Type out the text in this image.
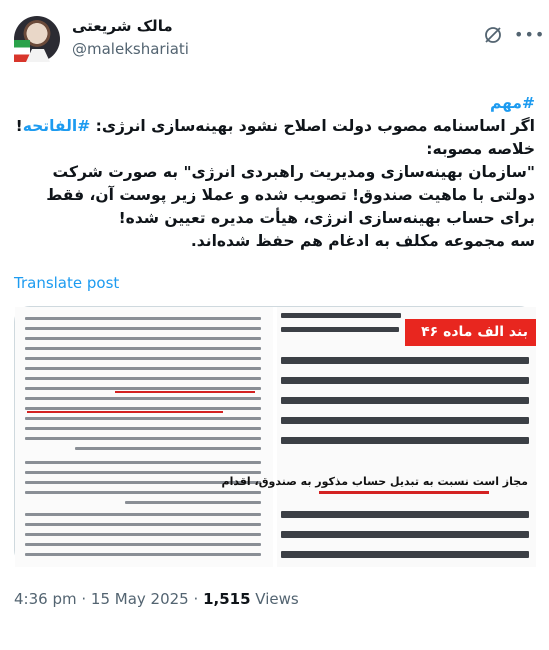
مالک شریعتی
@malekshariati
•••

#مهم

اگر اساسنامه مصوب دولت اصلاح نشود بهینه‌سازی انرژی: #الفاتحه!

خلاصه مصوبه:

"سازمان بهینه‌سازی ومدیریت راهبردی انرژی" به صورت شرکت دولتی با ماهیت صندوق! تصویب شده و عملا زیر پوست آن، فقط برای حساب بهینه‌سازی انرژی، هیأت مدیره تعیین شده!

سه مجموعه مکلف به ادغام هم حفظ شده‌اند.

Translate post
بند الف ماده ۴۶
مجاز است نسبت به تبدیل حساب مذکور به صندوق، اقدام
4:36 pm · 15 May 2025 · 1,515 Views
